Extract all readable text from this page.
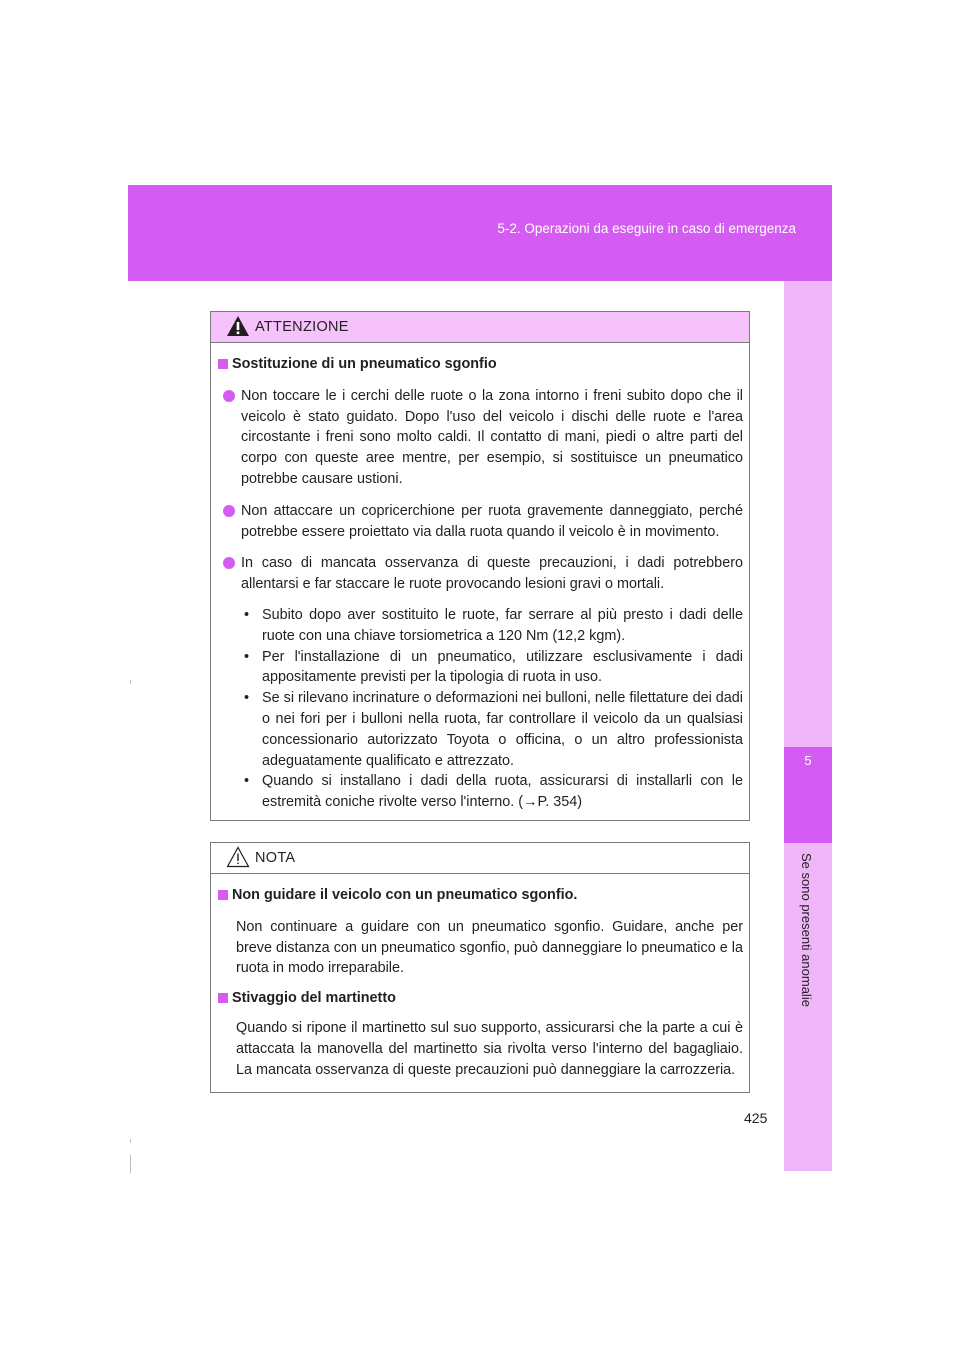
5-2. Operazioni da eseguire in caso di emergenza
5
Se sono presenti anomalie
ATTENZIONE
Sostituzione di un pneumatico sgonfio
Non toccare le i cerchi delle ruote o la zona intorno i freni subito dopo che il veicolo è stato guidato. Dopo l'uso del veicolo i dischi delle ruote e l'area circostante i freni sono molto caldi. Il contatto di mani, piedi o altre parti del corpo con queste aree mentre, per esempio, si sostituisce un pneumatico potrebbe causare ustioni.
Non attaccare un copricerchione per ruota gravemente danneggiato, perché potrebbe essere proiettato via dalla ruota quando il veicolo è in movimento.
In caso di mancata osservanza di queste precauzioni, i dadi potrebbero allentarsi e far staccare le ruote provocando lesioni gravi o mortali.
• Subito dopo aver sostituito le ruote, far serrare al più presto i dadi delle ruote con una chiave torsiometrica a 120 Nm (12,2 kgm).
• Per l'installazione di un pneumatico, utilizzare esclusivamente i dadi appositamente previsti per la tipologia di ruota in uso.
• Se si rilevano incrinature o deformazioni nei bulloni, nelle filettature dei dadi o nei fori per i bulloni nella ruota, far controllare il veicolo da un qualsiasi concessionario autorizzato Toyota o officina, o un altro professionista adeguatamente qualificato e attrezzato.
• Quando si installano i dadi della ruota, assicurarsi di installarli con le estremità coniche rivolte verso l'interno. (→P. 354)
NOTA
Non guidare il veicolo con un pneumatico sgonfio.
Non continuare a guidare con un pneumatico sgonfio. Guidare, anche per breve distanza con un pneumatico sgonfio, può danneggiare lo pneumatico e la ruota in modo irreparabile.
Stivaggio del martinetto
Quando si ripone il martinetto sul suo supporto, assicurarsi che la parte a cui è attaccata la manovella del martinetto sia rivolta verso l'interno del bagagliaio. La mancata osservanza di queste precauzioni può danneggiare la carrozzeria.
425
